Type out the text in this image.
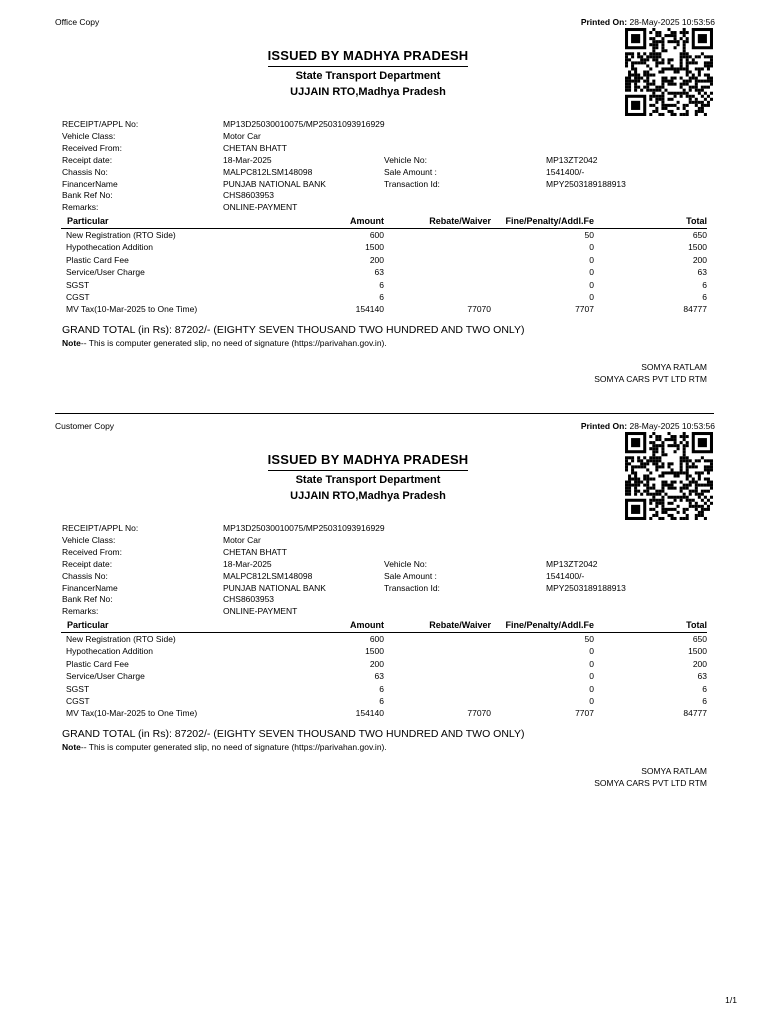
Office Copy	Printed On: 28-May-2025 10:53:56
ISSUED BY MADHYA PRADESH
State Transport Department
UJJAIN RTO,Madhya Pradesh
RECEIPT/APPL No:	MP13D25030010075/MP25031093916929
Vehicle Class:	Motor Car
Received From:	CHETAN BHATT
Receipt date:	18-Mar-2025	Vehicle No:	MP13ZT2042
Chassis No:	MALPC812LSM148098	Sale Amount :	1541400/-
FinancerName	PUNJAB NATIONAL BANK	Transaction Id:	MPY2503189188913
Bank Ref No:	CHS8603953
Remarks:	ONLINE-PAYMENT
Particular	Amount	Rebate/Waiver	Fine/Penalty/Addl.Fe	Total
New Registration (RTO Side)	600		50	650
Hypothecation Addition	1500		0	1500
Plastic Card Fee	200		0	200
Service/User Charge	63		0	63
SGST	6		0	6
CGST	6		0	6
MV Tax(10-Mar-2025 to One Time)	154140	77070	7707	84777
GRAND TOTAL (in Rs): 87202/- (EIGHTY SEVEN THOUSAND TWO HUNDRED AND TWO ONLY)
Note-- This is computer generated slip, no need of signature (https://parivahan.gov.in).
SOMYA RATLAM
SOMYA CARS PVT LTD RTM
Customer Copy	Printed On: 28-May-2025 10:53:56
ISSUED BY MADHYA PRADESH
State Transport Department
UJJAIN RTO,Madhya Pradesh
RECEIPT/APPL No:	MP13D25030010075/MP25031093916929
Vehicle Class:	Motor Car
Received From:	CHETAN BHATT
Receipt date:	18-Mar-2025	Vehicle No:	MP13ZT2042
Chassis No:	MALPC812LSM148098	Sale Amount :	1541400/-
FinancerName	PUNJAB NATIONAL BANK	Transaction Id:	MPY2503189188913
Bank Ref No:	CHS8603953
Remarks:	ONLINE-PAYMENT
Particular	Amount	Rebate/Waiver	Fine/Penalty/Addl.Fe	Total
New Registration (RTO Side)	600		50	650
Hypothecation Addition	1500		0	1500
Plastic Card Fee	200		0	200
Service/User Charge	63		0	63
SGST	6		0	6
CGST	6		0	6
MV Tax(10-Mar-2025 to One Time)	154140	77070	7707	84777
GRAND TOTAL (in Rs): 87202/- (EIGHTY SEVEN THOUSAND TWO HUNDRED AND TWO ONLY)
Note-- This is computer generated slip, no need of signature (https://parivahan.gov.in).
SOMYA RATLAM
SOMYA CARS PVT LTD RTM
1/1
